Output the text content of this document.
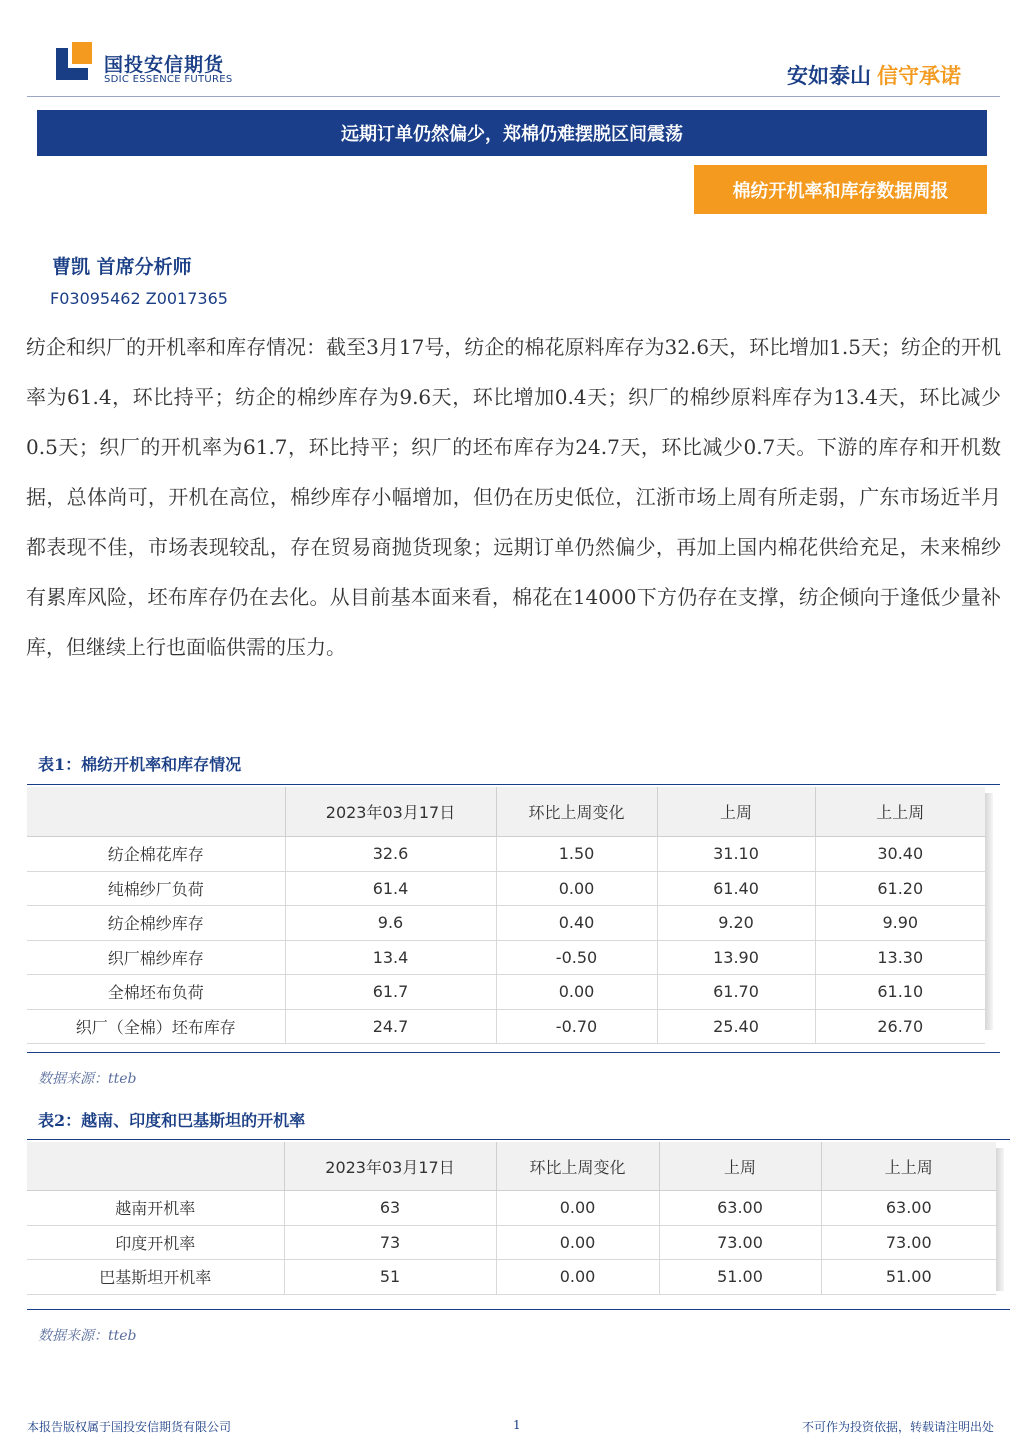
国投安信期货
SDIC ESSENCE FUTURES	安如泰山 信守承诺
远期订单仍然偏少，郑棉仍难摆脱区间震荡
棉纺开机率和库存数据周报
曹凯 首席分析师
F03095462 Z0017365
纺企和织厂的开机率和库存情况：截至3月17号，纺企的棉花原料库存为32.6天，环比增加1.5天；纺企的开机率为61.4，环比持平；纺企的棉纱库存为9.6天，环比增加0.4天；织厂的棉纱原料库存为13.4天，环比减少0.5天；织厂的开机率为61.7，环比持平；织厂的坯布库存为24.7天，环比减少0.7天。下游的库存和开机数据，总体尚可，开机在高位，棉纱库存小幅增加，但仍在历史低位，江浙市场上周有所走弱，广东市场近半月都表现不佳，市场表现较乱，存在贸易商抛货现象；远期订单仍然偏少，再加上国内棉花供给充足，未来棉纱有累库风险，坯布库存仍在去化。从目前基本面来看，棉花在14000下方仍存在支撑，纺企倾向于逢低少量补库，但继续上行也面临供需的压力。
表1：棉纺开机率和库存情况
	2023年03月17日	环比上周变化	上周	上上周
纺企棉花库存	32.6	1.50	31.10	30.40
纯棉纱厂负荷	61.4	0.00	61.40	61.20
纺企棉纱库存	9.6	0.40	9.20	9.90
织厂棉纱库存	13.4	-0.50	13.90	13.30
全棉坯布负荷	61.7	0.00	61.70	61.10
织厂（全棉）坯布库存	24.7	-0.70	25.40	26.70
数据来源：tteb
表2：越南、印度和巴基斯坦的开机率
	2023年03月17日	环比上周变化	上周	上上周
越南开机率	63	0.00	63.00	63.00
印度开机率	73	0.00	73.00	73.00
巴基斯坦开机率	51	0.00	51.00	51.00
数据来源：tteb
本报告版权属于国投安信期货有限公司	1	不可作为投资依据，转载请注明出处
